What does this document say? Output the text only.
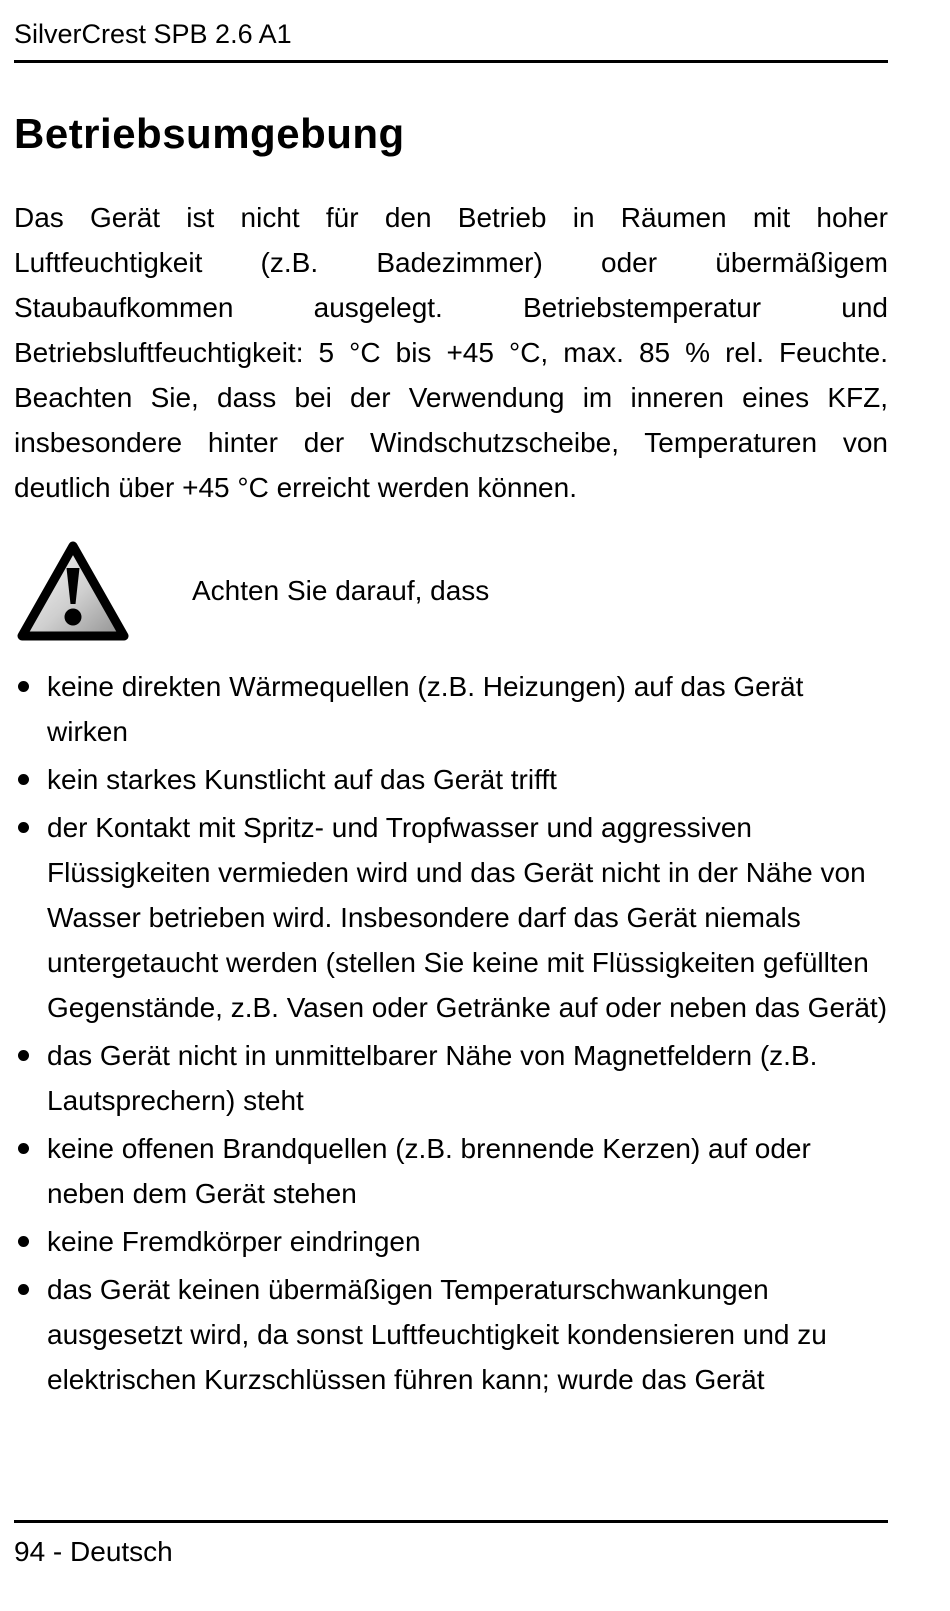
SilverCrest SPB 2.6 A1
Betriebsumgebung

Das Gerät ist nicht für den Betrieb in Räumen mit hoher Luftfeuchtigkeit (z.B. Badezimmer) oder übermäßigem Staubaufkommen ausgelegt. Betriebstemperatur und Betriebsluftfeuchtigkeit: 5 °C bis +45 °C, max. 85 % rel. Feuchte. Beachten Sie, dass bei der Verwendung im inneren eines KFZ, insbesondere hinter der Windschutzscheibe, Temperaturen von deutlich über +45 °C erreicht werden können.

Achten Sie darauf, dass
keine direkten Wärmequellen (z.B. Heizungen) auf das Gerät wirken
kein starkes Kunstlicht auf das Gerät trifft
der Kontakt mit Spritz- und Tropfwasser und aggressiven Flüssigkeiten vermieden wird und das Gerät nicht in der Nähe von Wasser betrieben wird. Insbesondere darf das Gerät niemals untergetaucht werden (stellen Sie keine mit Flüssigkeiten gefüllten Gegenstände, z.B. Vasen oder Getränke auf oder neben das Gerät)
das Gerät nicht in unmittelbarer Nähe von Magnetfeldern (z.B. Lautsprechern) steht
keine offenen Brandquellen (z.B. brennende Kerzen) auf oder neben dem Gerät stehen
keine Fremdkörper eindringen
das Gerät keinen übermäßigen Temperaturschwankungen ausgesetzt wird, da sonst Luftfeuchtigkeit kondensieren und zu elektrischen Kurzschlüssen führen kann; wurde das Gerät
94 - Deutsch
